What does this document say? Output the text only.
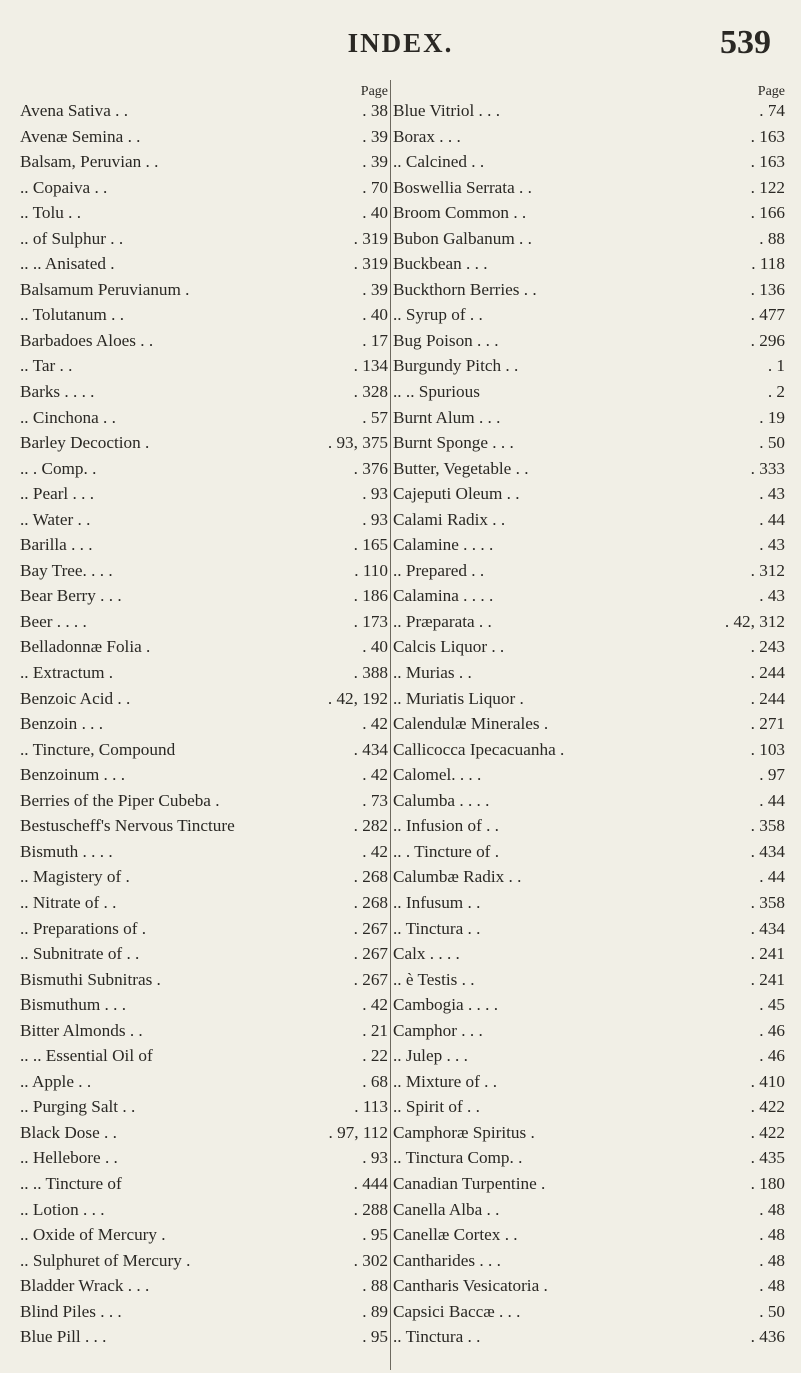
INDEX.	539
Page
Avena Sativa . .	. 38
Avenæ Semina . .	. 39
Balsam, Peruvian . .	. 39
.. Copaiva . .	. 70
.. Tolu . .	. 40
.. of Sulphur . .	. 319
.. .. Anisated .	. 319
Balsamum Peruvianum .	. 39
.. Tolutanum . .	. 40
Barbadoes Aloes . .	. 17
.. Tar . .	. 134
Barks . . . .	. 328
.. Cinchona . .	. 57
Barley Decoction .	. 93, 375
.. . Comp. .	. 376
.. Pearl . . .	. 93
.. Water . .	. 93
Barilla . . .	. 165
Bay Tree. . . .	. 110
Bear Berry . . .	. 186
Beer . . . .	. 173
Belladonnæ Folia .	. 40
.. Extractum .	. 388
Benzoic Acid . .	. 42, 192
Benzoin . . .	. 42
.. Tincture, Compound	. 434
Benzoinum . . .	. 42
Berries of the Piper Cubeba .	. 73
Bestuscheff's Nervous Tincture	. 282
Bismuth . . . .	. 42
.. Magistery of .	. 268
.. Nitrate of . .	. 268
.. Preparations of .	. 267
.. Subnitrate of . .	. 267
Bismuthi Subnitras .	. 267
Bismuthum . . .	. 42
Bitter Almonds . .	. 21
.. .. Essential Oil of	. 22
.. Apple . .	. 68
.. Purging Salt . .	. 113
Black Dose . .	. 97, 112
.. Hellebore . .	. 93
.. .. Tincture of	. 444
.. Lotion . . .	. 288
.. Oxide of Mercury .	. 95
.. Sulphuret of Mercury .	. 302
Bladder Wrack . . .	. 88
Blind Piles . . .	. 89
Blue Pill . . .	. 95
Page
Blue Vitriol . . .	. 74
Borax . . .	. 163
.. Calcined . .	. 163
Boswellia Serrata . .	. 122
Broom Common . .	. 166
Bubon Galbanum . .	. 88
Buckbean . . .	. 118
Buckthorn Berries . .	. 136
.. Syrup of . .	. 477
Bug Poison . . .	. 296
Burgundy Pitch . .	. 1
.. .. Spurious	. 2
Burnt Alum . . .	. 19
Burnt Sponge . . .	. 50
Butter, Vegetable . .	. 333
Cajeputi Oleum . .	. 43
Calami Radix . .	. 44
Calamine . . . .	. 43
.. Prepared . .	. 312
Calamina . . . .	. 43
.. Præparata . .	. 42, 312
Calcis Liquor . .	. 243
.. Murias . .	. 244
.. Muriatis Liquor .	. 244
Calendulæ Minerales .	. 271
Callicocca Ipecacuanha .	. 103
Calomel. . . .	. 97
Calumba . . . .	. 44
.. Infusion of . .	. 358
.. . Tincture of .	. 434
Calumbæ Radix . .	. 44
.. Infusum . .	. 358
.. Tinctura . .	. 434
Calx . . . .	. 241
.. è Testis . .	. 241
Cambogia . . . .	. 45
Camphor . . .	. 46
.. Julep . . .	. 46
.. Mixture of . .	. 410
.. Spirit of . .	. 422
Camphoræ Spiritus .	. 422
.. Tinctura Comp. .	. 435
Canadian Turpentine .	. 180
Canella Alba . .	. 48
Canellæ Cortex . .	. 48
Cantharides . . .	. 48
Cantharis Vesicatoria .	. 48
Capsici Baccæ . . .	. 50
.. Tinctura . .	. 436
